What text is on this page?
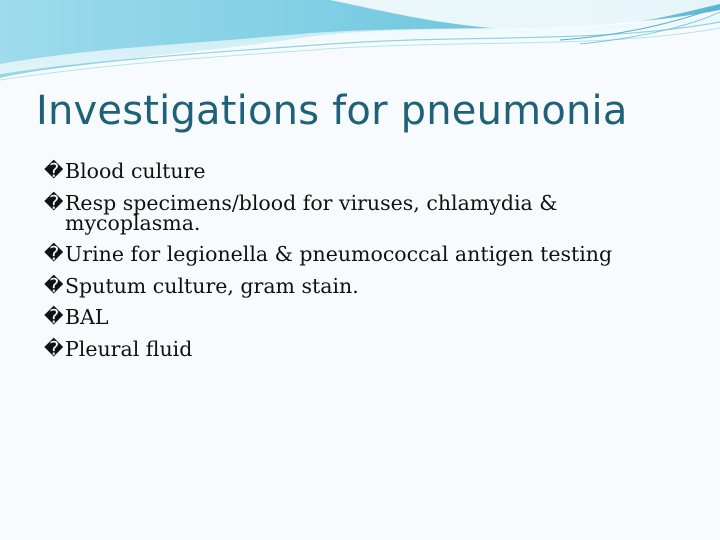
Investigations for pneumonia
� Blood culture
� Resp specimens/blood for viruses, chlamydia &
mycoplasma.
� Urine for legionella & pneumococcal antigen testing
� Sputum culture, gram stain.
� BAL
� Pleural fluid
